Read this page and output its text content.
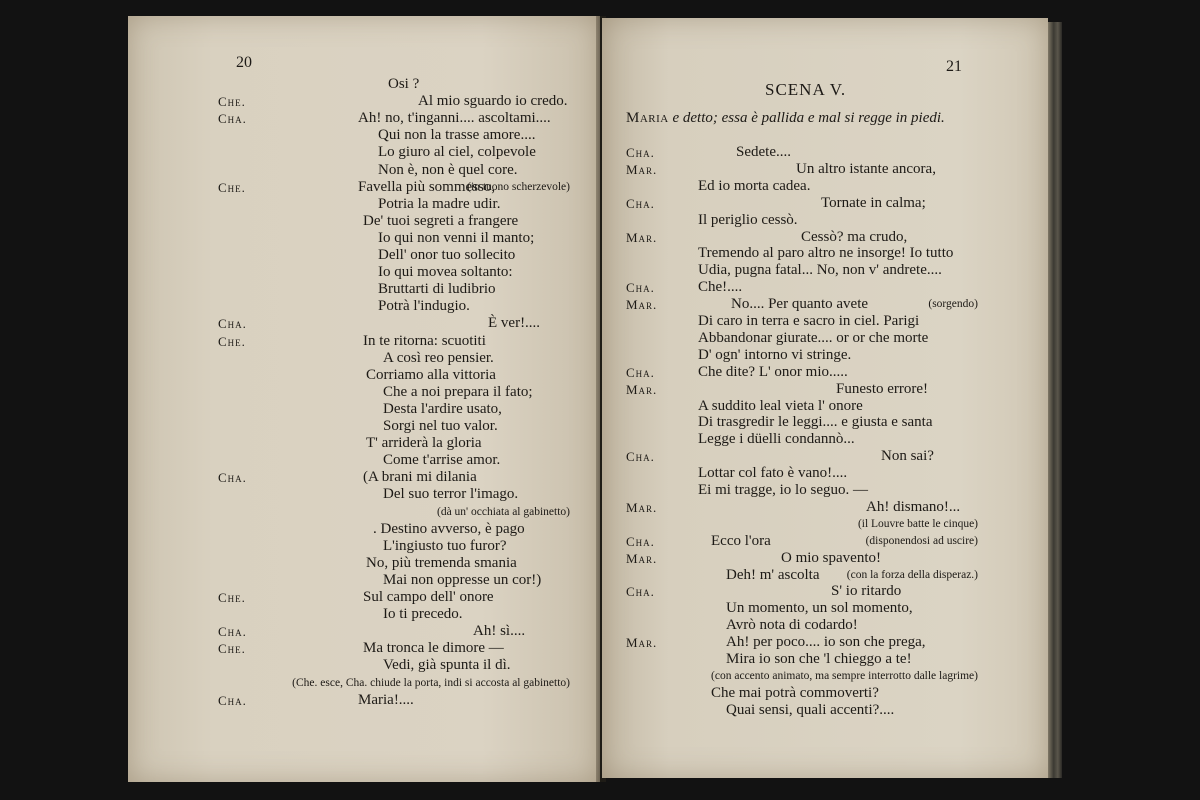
20
Osi ?
Che.	Al mio sguardo io credo.
Cha.	Ah! no, t'inganni.... ascoltami....
Qui non la trasse amore....
Lo giuro al ciel, colpevole
Non è, non è quel core.
Che.	Favella più sommesso,
(in tuono scherzevole)
Potria la madre udir.
De' tuoi segreti a frangere
Io qui non venni il manto;
Dell' onor tuo sollecito
Io qui movea soltanto:
Bruttarti di ludibrio
Potrà l'indugio.
Cha.	È ver!....
Che.	In te ritorna: scuotiti
A così reo pensier.
Corriamo alla vittoria
Che a noi prepara il fato;
Desta l'ardire usato,
Sorgi nel tuo valor.
T' arriderà la gloria
Come t'arrise amor.
Cha.	(A brani mi dilania
Del suo terror l'imago.
(dà un' occhiata al gabinetto)
. Destino avverso, è pago
L'ingiusto tuo furor?
No, più tremenda smania
Mai non oppresse un cor!)
Che.	Sul campo dell' onore
Io ti precedo.
Cha.	Ah! sì....
Che.	Ma tronca le dimore —
Vedi, già spunta il dì.
(Che. esce, Cha. chiude la porta, indi si accosta al gabinetto)
Cha.	Maria!....
21
SCENA V.
Maria e detto; essa è pallida e mal si regge in piedi.
Cha.	Sedete....
Mar.	Un altro istante ancora,
Ed io morta cadea.
Cha.	Tornate in calma;
Il periglio cessò.
Mar.	Cessò? ma crudo,
Tremendo al paro altro ne insorge! Io tutto
Udia, pugna fatal... No, non v' andrete....
Cha.	Che!....
Mar.	No.... Per quanto avete	(sorgendo)
Di caro in terra e sacro in ciel. Parigi
Abbandonar giurate.... or or che morte
D' ogn' intorno vi stringe.
Cha.	Che dite? L' onor mio.....
Mar.	Funesto errore!
A suddito leal vieta l' onore
Di trasgredir le leggi.... e giusta e santa
Legge i düelli condannò...
Cha.	Non sai?
Lottar col fato è vano!....
Ei mi tragge, io lo seguo. —
Mar.	Ah! dismano!...
(il Louvre batte le cinque)
Cha.	Ecco l'ora	(disponendosi ad uscire)
Mar.	O mio spavento!
Deh! m' ascolta (con la forza della disperaz.)
Cha.	S' io ritardo
Un momento, un sol momento,
Avrò nota di codardo!
Mar.	Ah! per poco.... io son che prega,
Mira io son che 'l chieggo a te!
(con accento animato, ma sempre interrotto dalle lagrime)
Che mai potrà commoverti?
Quai sensi, quali accenti?....
